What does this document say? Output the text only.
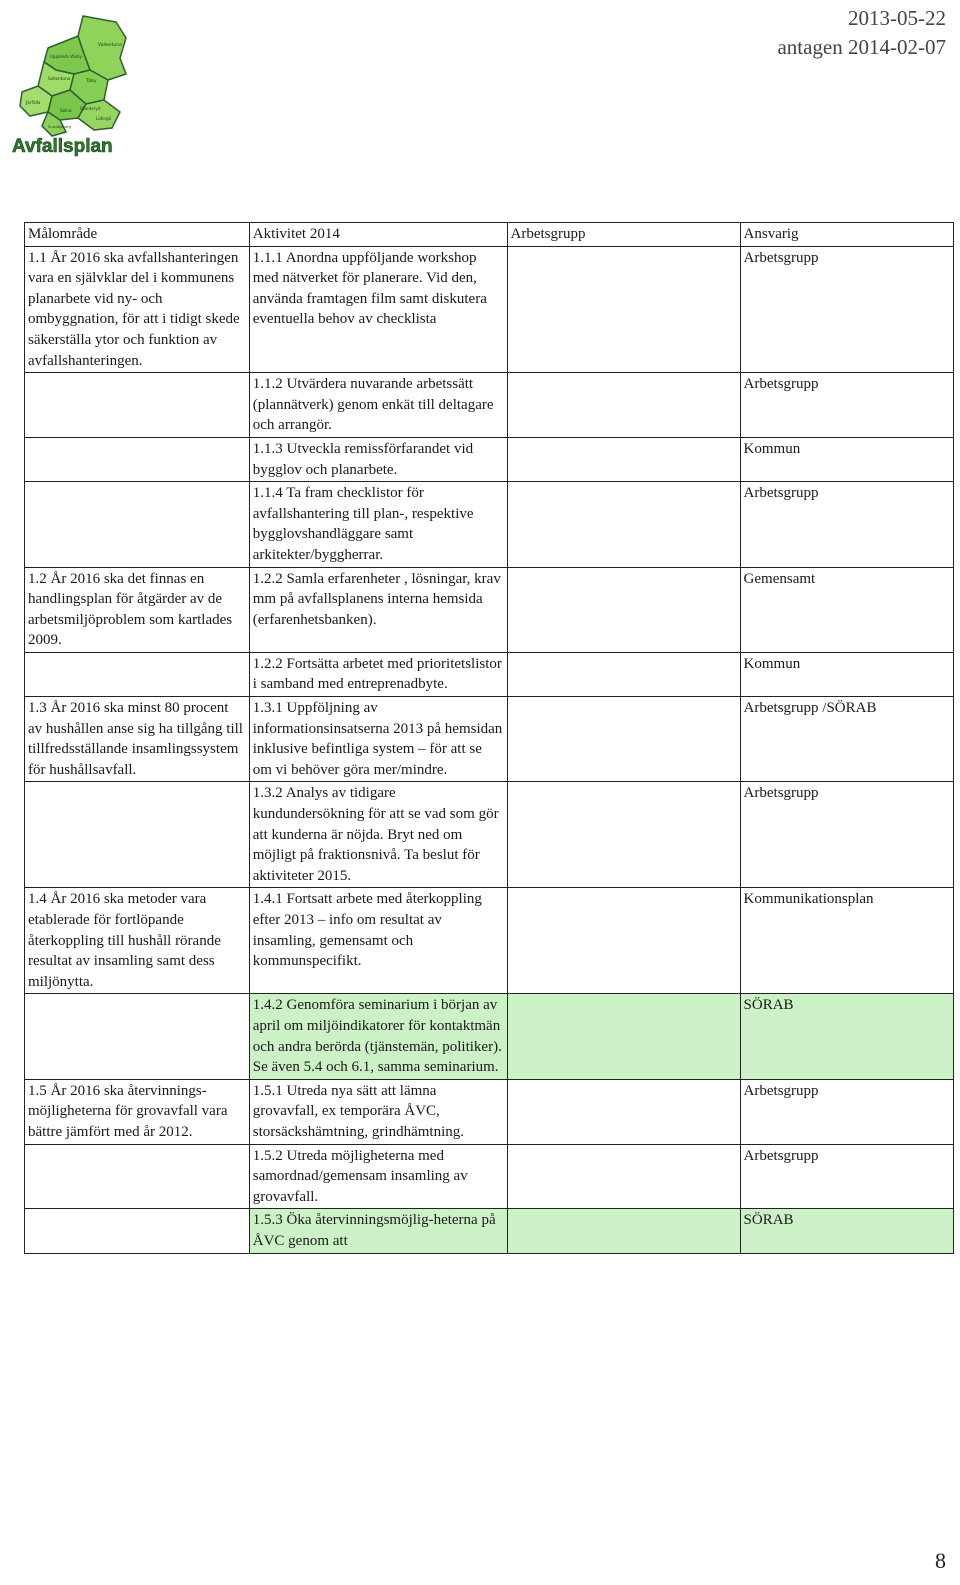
Vallentuna
Upplands Väsby
Täby
Sollentuna
Danderyd
Järfälla
Solna
Sundbyberg
Lidingö
Avfallsplan
2013-05-22
antagen 2014-02-07
Målområde	Aktivitet 2014	Arbetsgrupp	Ansvarig
1.1 År 2016 ska avfallshanteringen vara en självklar del i kommunens planarbete vid ny- och ombyggnation, för att i tidigt skede säkerställa ytor och funktion av avfallshanteringen.	1.1.1 Anordna uppföljande workshop med nätverket för planerare. Vid den, använda framtagen film samt diskutera eventuella behov av checklista		Arbetsgrupp
	1.1.2 Utvärdera nuvarande arbetssätt (plannätverk) genom enkät till deltagare och arrangör.		Arbetsgrupp
	1.1.3 Utveckla remissförfarandet vid bygglov och planarbete.		Kommun
	1.1.4 Ta fram checklistor för avfallshantering till plan-, respektive bygglovshandläggare samt arkitekter/byggherrar.		Arbetsgrupp
1.2 År 2016 ska det finnas en handlingsplan för åtgärder av de arbetsmiljöproblem som kartlades 2009.	1.2.2 Samla erfarenheter , lösningar, krav mm på avfallsplanens interna hemsida (erfarenhetsbanken).		Gemensamt
	1.2.2 Fortsätta arbetet med prioritetslistor i samband med entreprenadbyte.		Kommun
1.3 År 2016 ska minst 80 procent av hushållen anse sig ha tillgång till tillfredsställande insamlingssystem för hushållsavfall.	1.3.1 Uppföljning av informationsinsatserna 2013 på hemsidan inklusive befintliga system – för att se om vi behöver göra mer/mindre.		Arbetsgrupp /SÖRAB
	1.3.2 Analys av tidigare kundundersökning för att se vad som gör att kunderna är nöjda. Bryt ned om möjligt på fraktionsnivå. Ta beslut för aktiviteter 2015.		Arbetsgrupp
1.4 År 2016 ska metoder vara etablerade för fortlöpande återkoppling till hushåll rörande resultat av insamling samt dess miljönytta.	1.4.1 Fortsatt arbete med återkoppling efter 2013 – info om resultat av insamling, gemensamt och kommunspecifikt.		Kommunikationsplan
	1.4.2 Genomföra seminarium i början av april om miljöindikatorer för kontaktmän och andra berörda (tjänstemän, politiker). Se även 5.4 och 6.1, samma seminarium.		SÖRAB
1.5 År 2016 ska återvinnings-möjligheterna för grovavfall vara bättre jämfört med år 2012.	1.5.1 Utreda nya sätt att lämna grovavfall, ex temporära ÅVC, storsäckshämtning, grindhämtning.		Arbetsgrupp
	1.5.2 Utreda möjligheterna med samordnad/gemensam insamling av grovavfall.		Arbetsgrupp
	1.5.3 Öka återvinningsmöjlig-heterna på ÅVC genom att		SÖRAB
8
